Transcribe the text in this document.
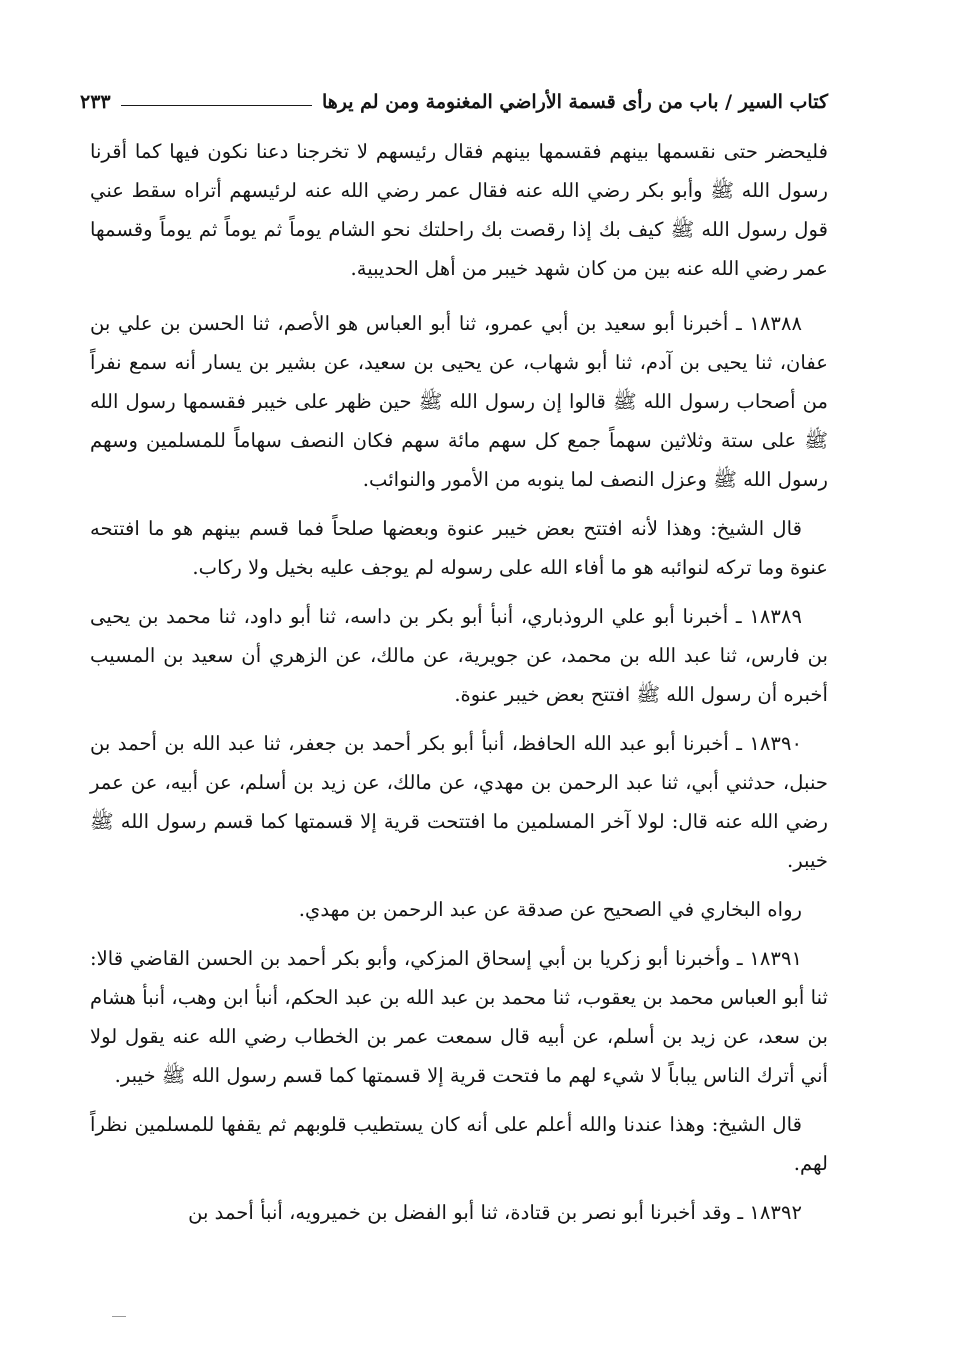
كتاب السير / باب من رأى قسمة الأراضي المغنومة ومن لم يرها
٢٣٣

فليحضر حتى نقسمها بينهم فقسمها بينهم فقال رئيسهم لا تخرجنا دعنا نكون فيها كما أقرنا رسول الله ﷺ وأبو بكر رضي الله عنه فقال عمر رضي الله عنه لرئيسهم أتراه سقط عني قول رسول الله ﷺ كيف بك إذا رقصت بك راحلتك نحو الشام يوماً ثم يوماً ثم يوماً وقسمها عمر رضي الله عنه بين من كان شهد خيبر من أهل الحديبية.

١٨٣٨٨ ـ أخبرنا أبو سعيد بن أبي عمرو، ثنا أبو العباس هو الأصم، ثنا الحسن بن علي بن عفان، ثنا يحيى بن آدم، ثنا أبو شهاب، عن يحيى بن سعيد، عن بشير بن يسار أنه سمع نفراً من أصحاب رسول الله ﷺ قالوا إن رسول الله ﷺ حين ظهر على خيبر فقسمها رسول الله ﷺ على ستة وثلاثين سهماً جمع كل سهم مائة سهم فكان النصف سهاماً للمسلمين وسهم رسول الله ﷺ وعزل النصف لما ينوبه من الأمور والنوائب.

قال الشيخ: وهذا لأنه افتتح بعض خيبر عنوة وبعضها صلحاً فما قسم بينهم هو ما افتتحه عنوة وما تركه لنوائبه هو ما أفاء الله على رسوله لم يوجف عليه بخيل ولا ركاب.

١٨٣٨٩ ـ أخبرنا أبو علي الروذباري، أنبأ أبو بكر بن داسه، ثنا أبو داود، ثنا محمد بن يحيى بن فارس، ثنا عبد الله بن محمد، عن جويرية، عن مالك، عن الزهري أن سعيد بن المسيب أخبره أن رسول الله ﷺ افتتح بعض خيبر عنوة.

١٨٣٩٠ ـ أخبرنا أبو عبد الله الحافظ، أنبأ أبو بكر أحمد بن جعفر، ثنا عبد الله بن أحمد بن حنبل، حدثني أبي، ثنا عبد الرحمن بن مهدي، عن مالك، عن زيد بن أسلم، عن أبيه، عن عمر رضي الله عنه قال: لولا آخر المسلمين ما افتتحت قرية إلا قسمتها كما قسم رسول الله ﷺ خيبر.

رواه البخاري في الصحيح عن صدقة عن عبد الرحمن بن مهدي.

١٨٣٩١ ـ وأخبرنا أبو زكريا بن أبي إسحاق المزكي، وأبو بكر أحمد بن الحسن القاضي قالا: ثنا أبو العباس محمد بن يعقوب، ثنا محمد بن عبد الله بن عبد الحكم، أنبأ ابن وهب، أنبأ هشام بن سعد، عن زيد بن أسلم، عن أبيه قال سمعت عمر بن الخطاب رضي الله عنه يقول لولا أني أترك الناس يباباً لا شيء لهم ما فتحت قرية إلا قسمتها كما قسم رسول الله ﷺ خيبر.

قال الشيخ: وهذا عندنا والله أعلم على أنه كان يستطيب قلوبهم ثم يقفها للمسلمين نظراً لهم.

١٨٣٩٢ ـ وقد أخبرنا أبو نصر بن قتادة، ثنا أبو الفضل بن خميرويه، أنبأ أحمد بن
